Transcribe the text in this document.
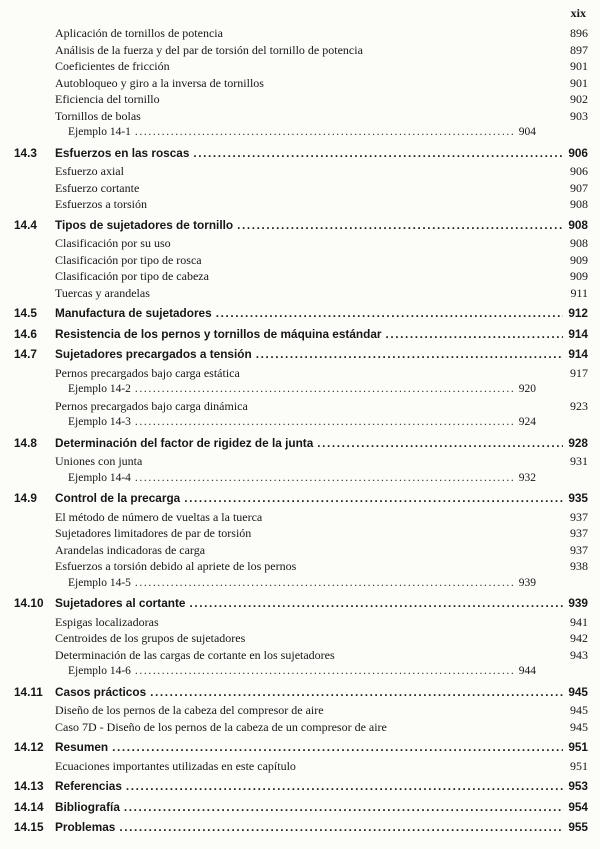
xix
Aplicación de tornillos de potencia	896
Análisis de la fuerza y del par de torsión del tornillo de potencia	897
Coeficientes de fricción	901
Autobloqueo y giro a la inversa de tornillos	901
Eficiencia del tornillo	902
Tornillos de bolas	903
Ejemplo 14-1 .....	904
14.3	Esfuerzos en las roscas .....	906
Esfuerzo axial	906
Esfuerzo cortante	907
Esfuerzos a torsión	908
14.4	Tipos de sujetadores de tornillo .....	908
Clasificación por su uso	908
Clasificación por tipo de rosca	909
Clasificación por tipo de cabeza	909
Tuercas y arandelas	911
14.5	Manufactura de sujetadores .....	912
14.6	Resistencia de los pernos y tornillos de máquina estándar .....	914
14.7	Sujetadores precargados a tensión .....	914
Pernos precargados bajo carga estática	917
Ejemplo 14-2 .....	920
Pernos precargados bajo carga dinámica	923
Ejemplo 14-3 .....	924
14.8	Determinación del factor de rigidez de la junta .....	928
Uniones con junta	931
Ejemplo 14-4 .....	932
14.9	Control de la precarga .....	935
El método de número de vueltas a la tuerca	937
Sujetadores limitadores de par de torsión	937
Arandelas indicadoras de carga	937
Esfuerzos a torsión debido al apriete de los pernos	938
Ejemplo 14-5 .....	939
14.10 Sujetadores al cortante .....	939
Espigas localizadoras	941
Centroides de los grupos de sujetadores	942
Determinación de las cargas de cortante en los sujetadores	943
Ejemplo 14-6 .....	944
14.11	Casos prácticos .....	945
Diseño de los pernos de la cabeza del compresor de aire	945
Caso 7D - Diseño de los pernos de la cabeza de un compresor de aire	945
14.12 Resumen .....	951
Ecuaciones importantes utilizadas en este capítulo	951
14.13 Referencias .....	953
14.14 Bibliografía .....	954
14.15 Problemas .....	955
